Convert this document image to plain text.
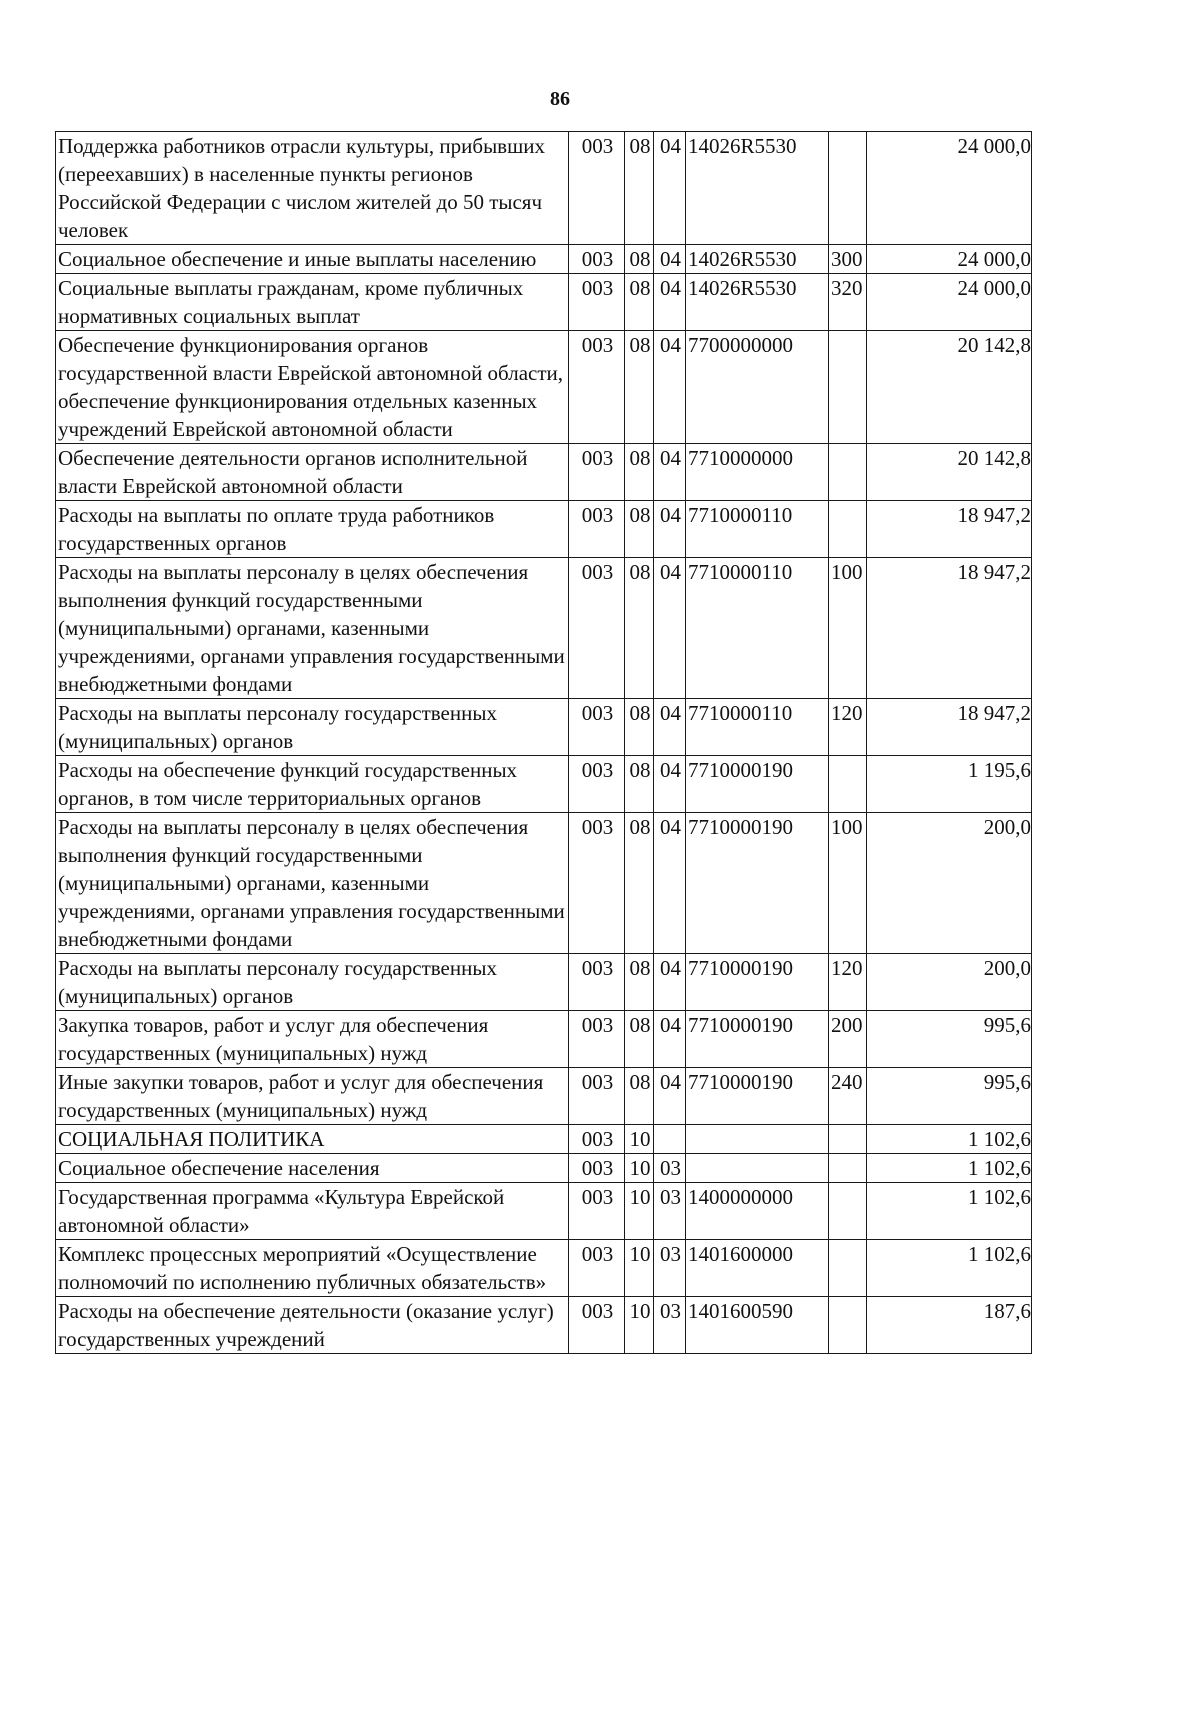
86
Поддержка работников отрасли культуры, прибывших (переехавших) в населенные пункты регионов Российской Федерации с числом жителей до 50 тысяч человек	003	08	04	14026R5530		24 000,0
Социальное обеспечение и иные выплаты населению	003	08	04	14026R5530	300	24 000,0
Социальные выплаты гражданам, кроме публичных нормативных социальных выплат	003	08	04	14026R5530	320	24 000,0
Обеспечение функционирования органов государственной власти Еврейской автономной области, обеспечение функционирования отдельных казенных учреждений Еврейской автономной области	003	08	04	7700000000		20 142,8
Обеспечение деятельности органов исполнительной власти Еврейской автономной области	003	08	04	7710000000		20 142,8
Расходы на выплаты по оплате труда работников государственных органов	003	08	04	7710000110		18 947,2
Расходы на выплаты персоналу в целях обеспечения выполнения функций государственными (муниципальными) органами, казенными учреждениями, органами управления государственными внебюджетными фондами	003	08	04	7710000110	100	18 947,2
Расходы на выплаты персоналу государственных (муниципальных) органов	003	08	04	7710000110	120	18 947,2
Расходы на обеспечение функций государственных органов, в том числе территориальных органов	003	08	04	7710000190		1 195,6
Расходы на выплаты персоналу в целях обеспечения выполнения функций государственными (муниципальными) органами, казенными учреждениями, органами управления государственными внебюджетными фондами	003	08	04	7710000190	100	200,0
Расходы на выплаты персоналу государственных (муниципальных) органов	003	08	04	7710000190	120	200,0
Закупка товаров, работ и услуг для обеспечения государственных (муниципальных) нужд	003	08	04	7710000190	200	995,6
Иные закупки товаров, работ и услуг для обеспечения государственных (муниципальных) нужд	003	08	04	7710000190	240	995,6
СОЦИАЛЬНАЯ ПОЛИТИКА	003	10				1 102,6
Социальное обеспечение населения	003	10	03			1 102,6
Государственная программа «Культура Еврейской автономной области»	003	10	03	1400000000		1 102,6
Комплекс процессных мероприятий «Осуществление полномочий по исполнению публичных обязательств»	003	10	03	1401600000		1 102,6
Расходы на обеспечение деятельности (оказание услуг) государственных учреждений	003	10	03	1401600590		187,6
